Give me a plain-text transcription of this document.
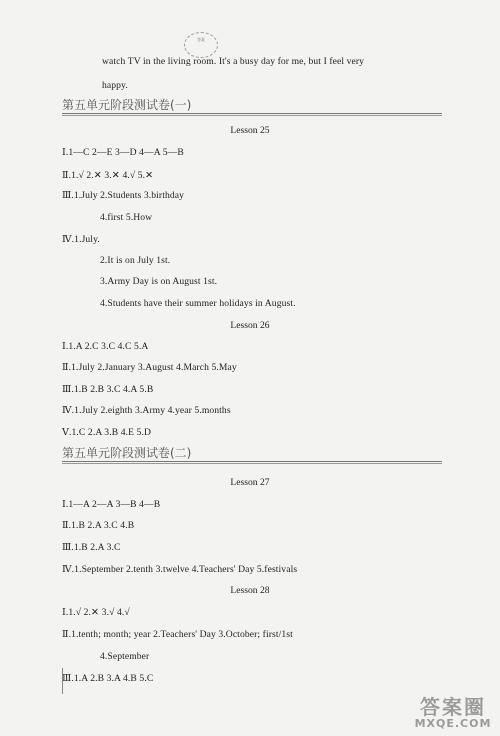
答案
watch TV in the living room. It's a busy day for me, but I feel very
happy.
第五单元阶段测试卷(一)
Lesson 25
Ⅰ.1—C 2—E 3—D 4—A 5—B
Ⅱ.1.√ 2.✕ 3.✕ 4.√ 5.✕
Ⅲ.1.July 2.Students 3.birthday
4.first 5.How
Ⅳ.1.July.
2.It is on July 1st.
3.Army Day is on August 1st.
4.Students have their summer holidays in August.
Lesson 26
Ⅰ.1.A 2.C 3.C 4.C 5.A
Ⅱ.1.July 2.January 3.August 4.March 5.May
Ⅲ.1.B 2.B 3.C 4.A 5.B
Ⅳ.1.July 2.eighth 3.Army 4.year 5.months
Ⅴ.1.C 2.A 3.B 4.E 5.D
第五单元阶段测试卷(二)
Lesson 27
Ⅰ.1—A 2—A 3—B 4—B
Ⅱ.1.B 2.A 3.C 4.B
Ⅲ.1.B 2.A 3.C
Ⅳ.1.September 2.tenth 3.twelve 4.Teachers' Day 5.festivals
Lesson 28
Ⅰ.1.√ 2.✕ 3.√ 4.√
Ⅱ.1.tenth; month; year 2.Teachers' Day 3.October; first/1st
4.September
Ⅲ.1.A 2.B 3.A 4.B 5.C
答案圈
MXQE.COM
